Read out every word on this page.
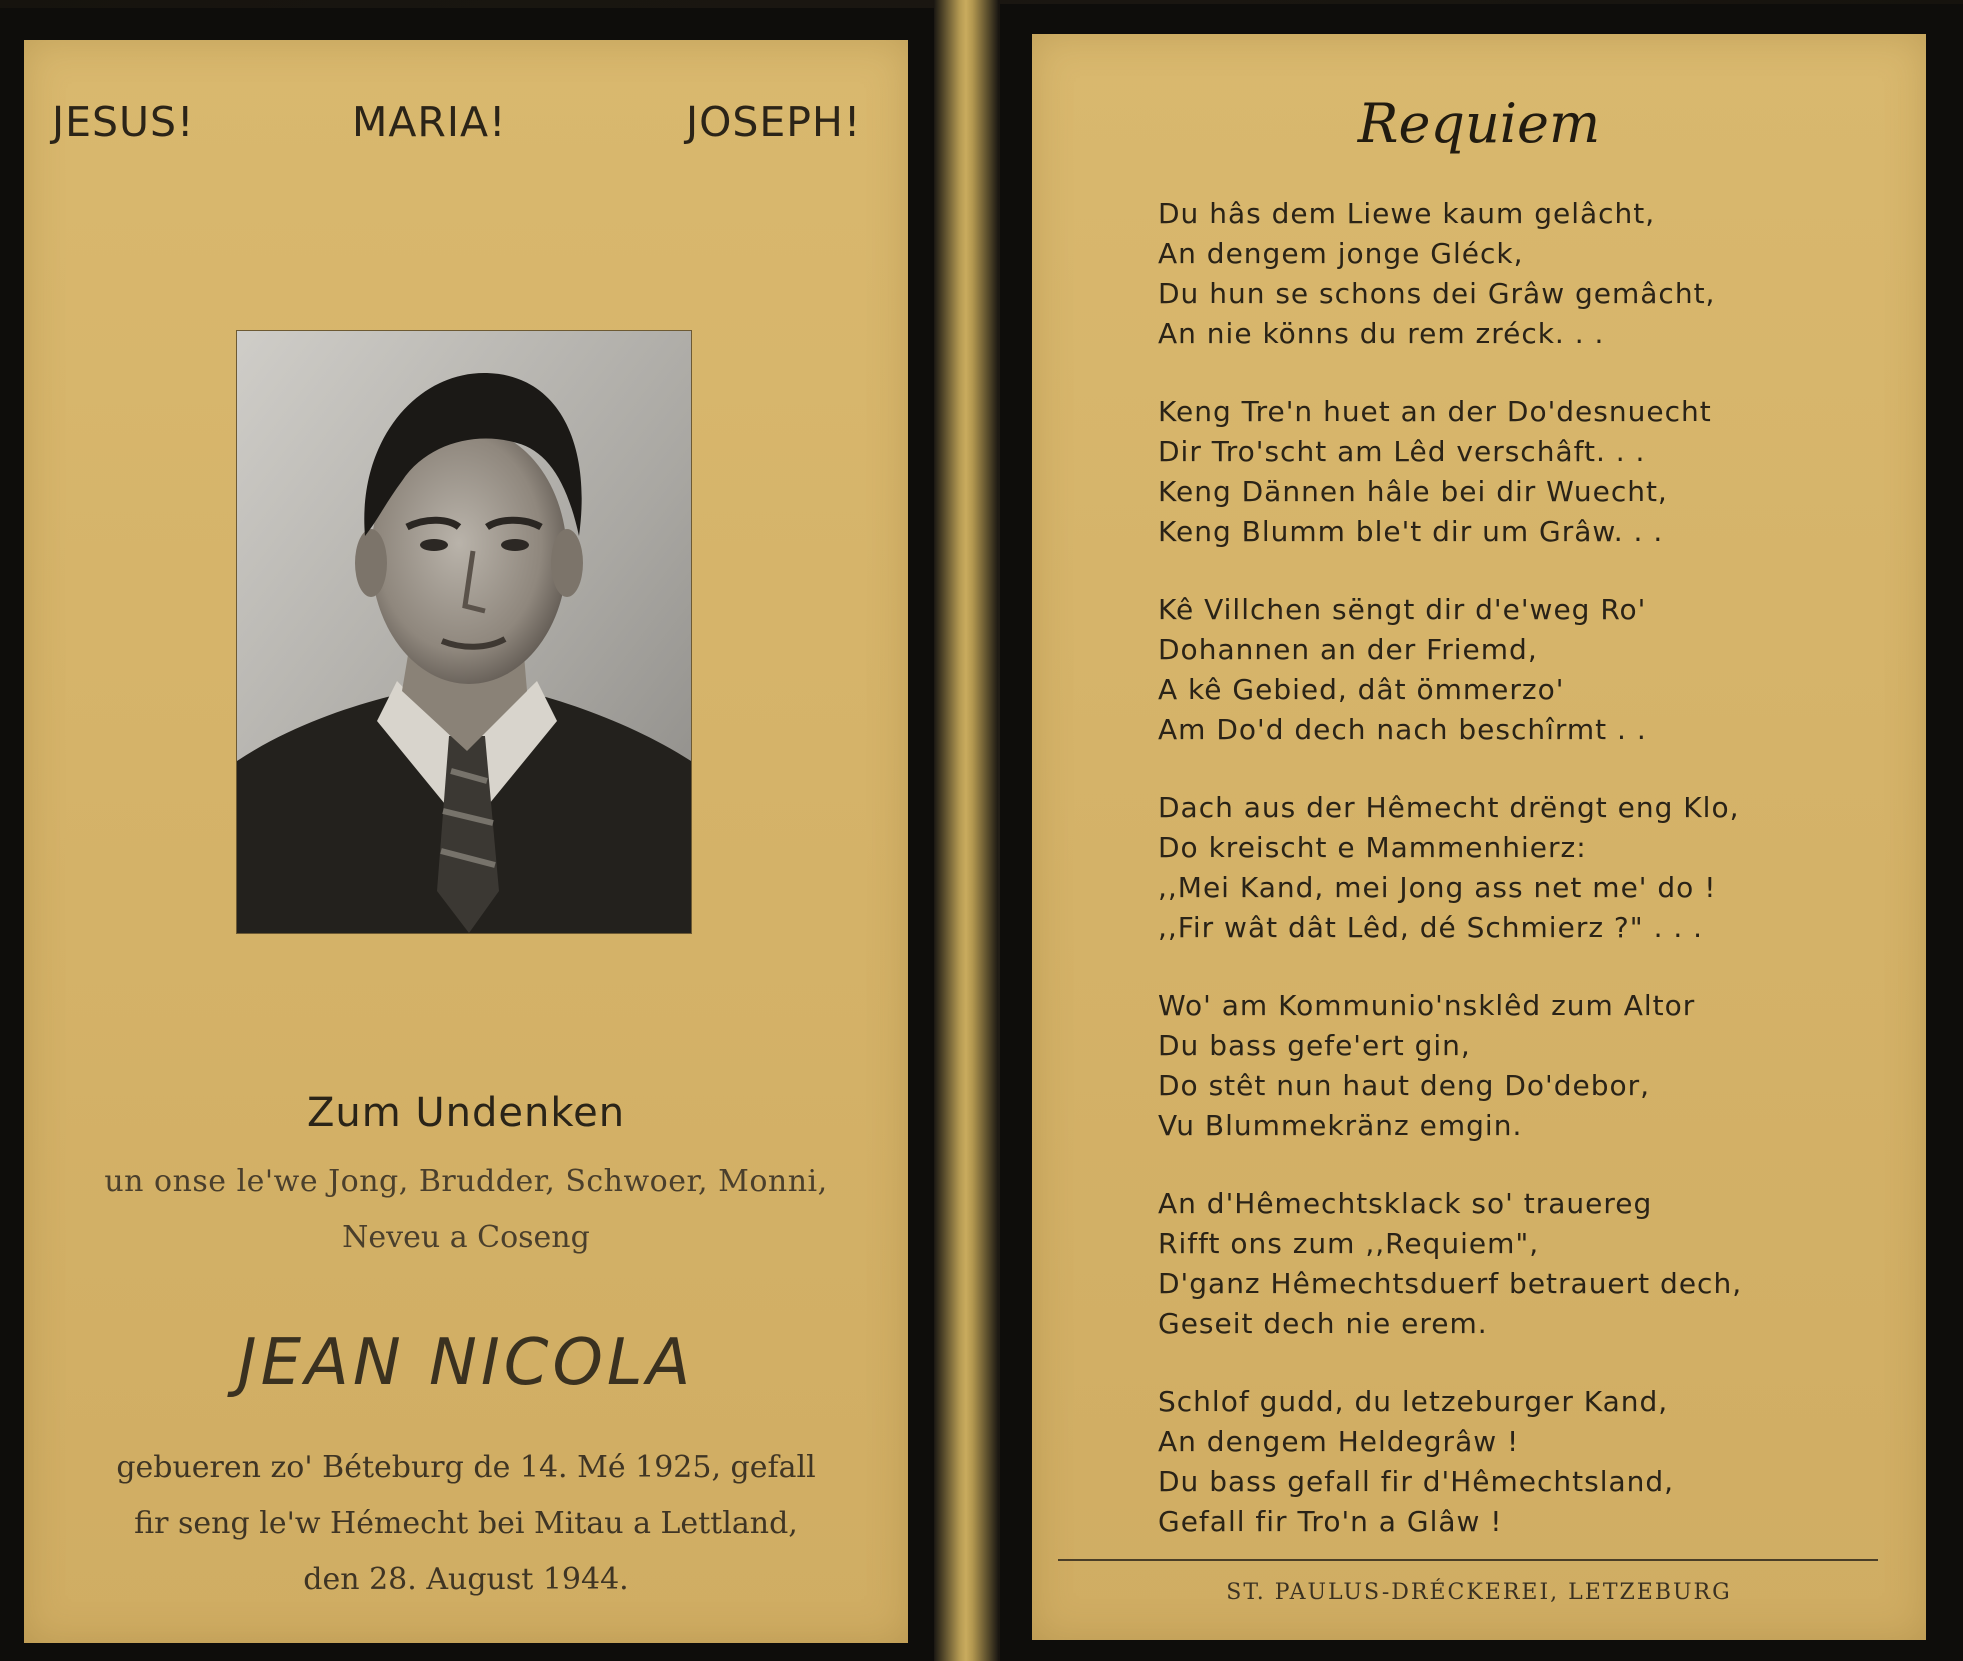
JESUS!	MARIA!	JOSEPH!
Zum Undenken
un onse le'we Jong, Brudder, Schwoer, Monni,
Neveu a Coseng
JEAN NICOLA
gebueren zo' Béteburg de 14. Mé 1925, gefall
fir seng le'w Hémecht bei Mitau a Lettland,
den 28. August 1944.
Requiem
Du hâs dem Liewe kaum gelâcht,
An dengem jonge Gléck,
Du hun se schons dei Grâw gemâcht,
An nie könns du rem zréck. . .
Keng Tre'n huet an der Do'desnuecht
Dir Tro'scht am Lêd verschâft. . .
Keng Dännen hâle bei dir Wuecht,
Keng Blumm ble't dir um Grâw. . .
Kê Villchen sëngt dir d'e'weg Ro'
Dohannen an der Friemd,
A kê Gebied, dât ömmerzo'
Am Do'd dech nach beschîrmt . .
Dach aus der Hêmecht drëngt eng Klo,
Do kreischt e Mammenhierz:
,,Mei Kand, mei Jong ass net me' do !
,,Fir wât dât Lêd, dé Schmierz ?" . . .
Wo' am Kommunio'nsklêd zum Altor
Du bass gefe'ert gin,
Do stêt nun haut deng Do'debor,
Vu Blummekränz emgin.
An d'Hêmechtsklack so' trauereg
Rifft ons zum ,,Requiem",
D'ganz Hêmechtsduerf betrauert dech,
Geseit dech nie erem.
Schlof gudd, du letzeburger Kand,
An dengem Heldegrâw !
Du bass gefall fir d'Hêmechtsland,
Gefall fir Tro'n a Glâw !
ST. PAULUS-DRÉCKEREI, LETZEBURG
